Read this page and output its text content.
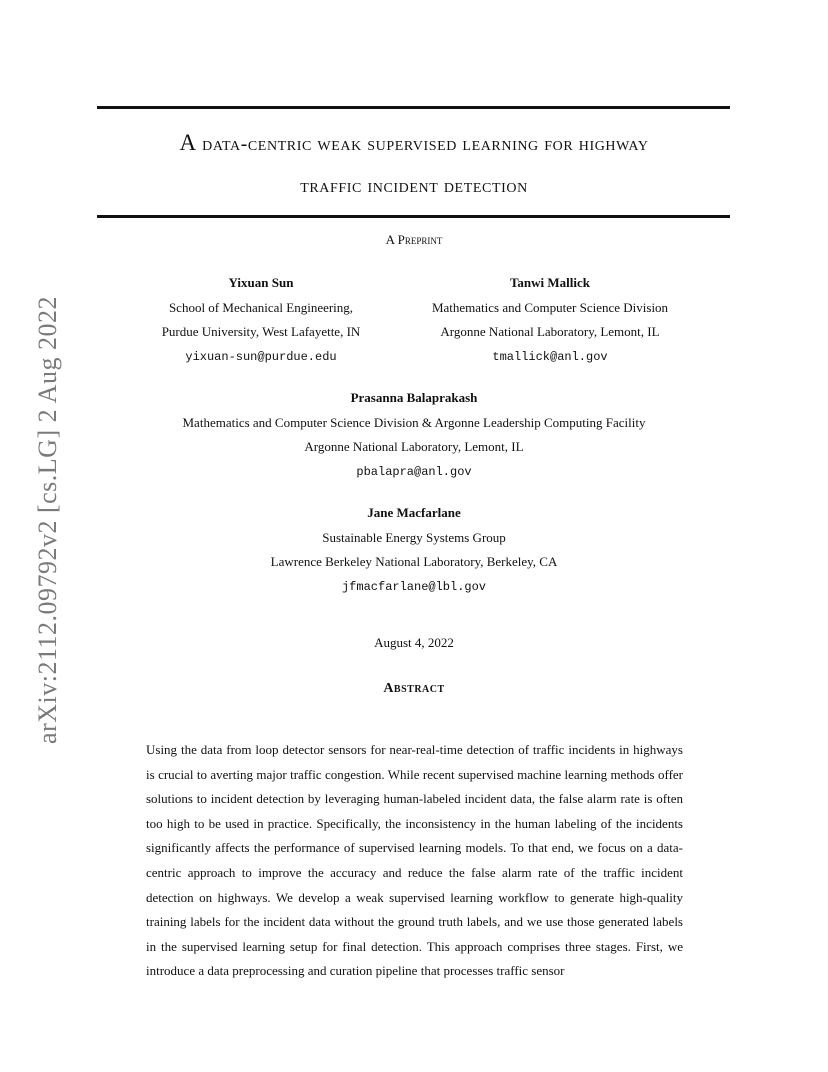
arXiv:2112.09792v2 [cs.LG] 2 Aug 2022
A data-centric weak supervised learning for highway
traffic incident detection
A Preprint
Yixuan Sun
School of Mechanical Engineering,
Purdue University, West Lafayette, IN
yixuan-sun@purdue.edu
Tanwi Mallick
Mathematics and Computer Science Division
Argonne National Laboratory, Lemont, IL
tmallick@anl.gov
Prasanna Balaprakash
Mathematics and Computer Science Division & Argonne Leadership Computing Facility
Argonne National Laboratory, Lemont, IL
pbalapra@anl.gov
Jane Macfarlane
Sustainable Energy Systems Group
Lawrence Berkeley National Laboratory, Berkeley, CA
jfmacfarlane@lbl.gov
August 4, 2022
Abstract

Using the data from loop detector sensors for near-real-time detection of traffic incidents in highways is crucial to averting major traffic congestion. While recent supervised machine learning methods offer solutions to incident detection by leveraging human-labeled incident data, the false alarm rate is often too high to be used in practice. Specifically, the inconsistency in the human labeling of the incidents significantly affects the performance of supervised learning models. To that end, we focus on a data-centric approach to improve the accuracy and reduce the false alarm rate of the traffic incident detection on highways. We develop a weak supervised learning workflow to generate high-quality training labels for the incident data without the ground truth labels, and we use those generated labels in the supervised learning setup for final detection. This approach comprises three stages. First, we introduce a data preprocessing and curation pipeline that processes traffic sensor
